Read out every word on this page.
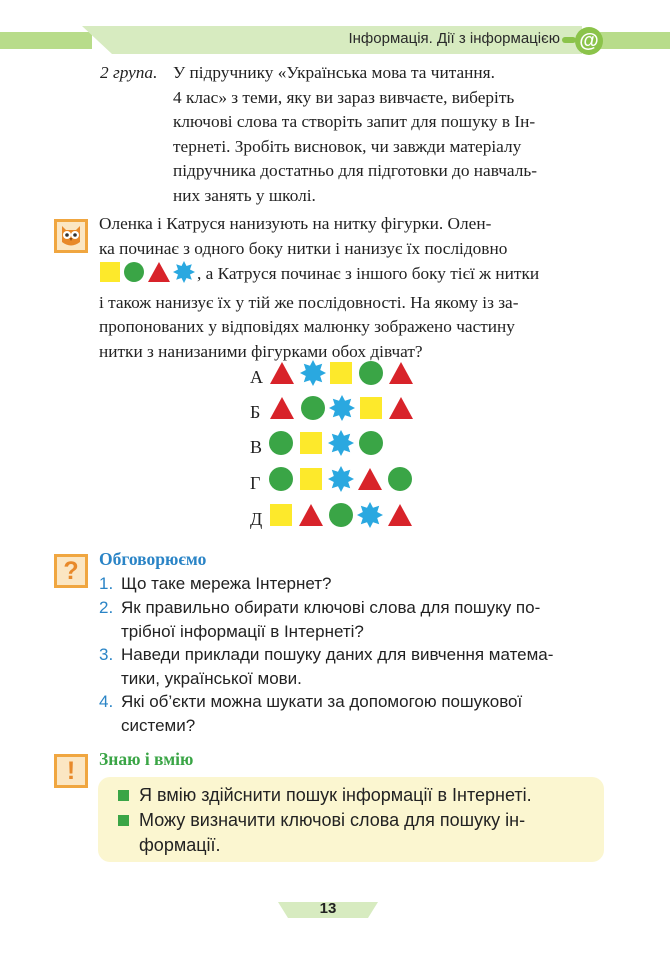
Інформація. Дії з інформацією @
2 група. У підручнику «Українська мова та читання.
4 клас» з теми, яку ви зараз вивчаєте, виберіть
ключові слова та створіть запит для пошуку в Ін-
тернеті. Зробіть висновок, чи завжди матеріалу
підручника достатньо для підготовки до навчаль-
них занять у школі.
Оленка і Катруся нанизують на нитку фігурки. Олен-
ка починає з одного боку нитки і нанизує їх послідовно
, а Катруся починає з іншого боку тієї ж нитки
і також нанизує їх у тій же послідовності. На якому із за-
пропонованих у відповідях малюнку зображено частину
нитки з нанизаними фігурками обох дівчат?
А
Б
В
Г
Д
?	Обговорюємо
1. Що таке мережа Інтернет?
2. Як правильно обирати ключові слова для пошуку по-
трібної інформації в Інтернеті?
3. Наведи приклади пошуку даних для вивчення матема-
тики, української мови.
4. Які об’єкти можна шукати за допомогою пошукової
системи?
!	Знаю і вмію
Я вмію здійснити пошук інформації в Інтернеті.
Можу визначити ключові слова для пошуку ін-
формації.
13
